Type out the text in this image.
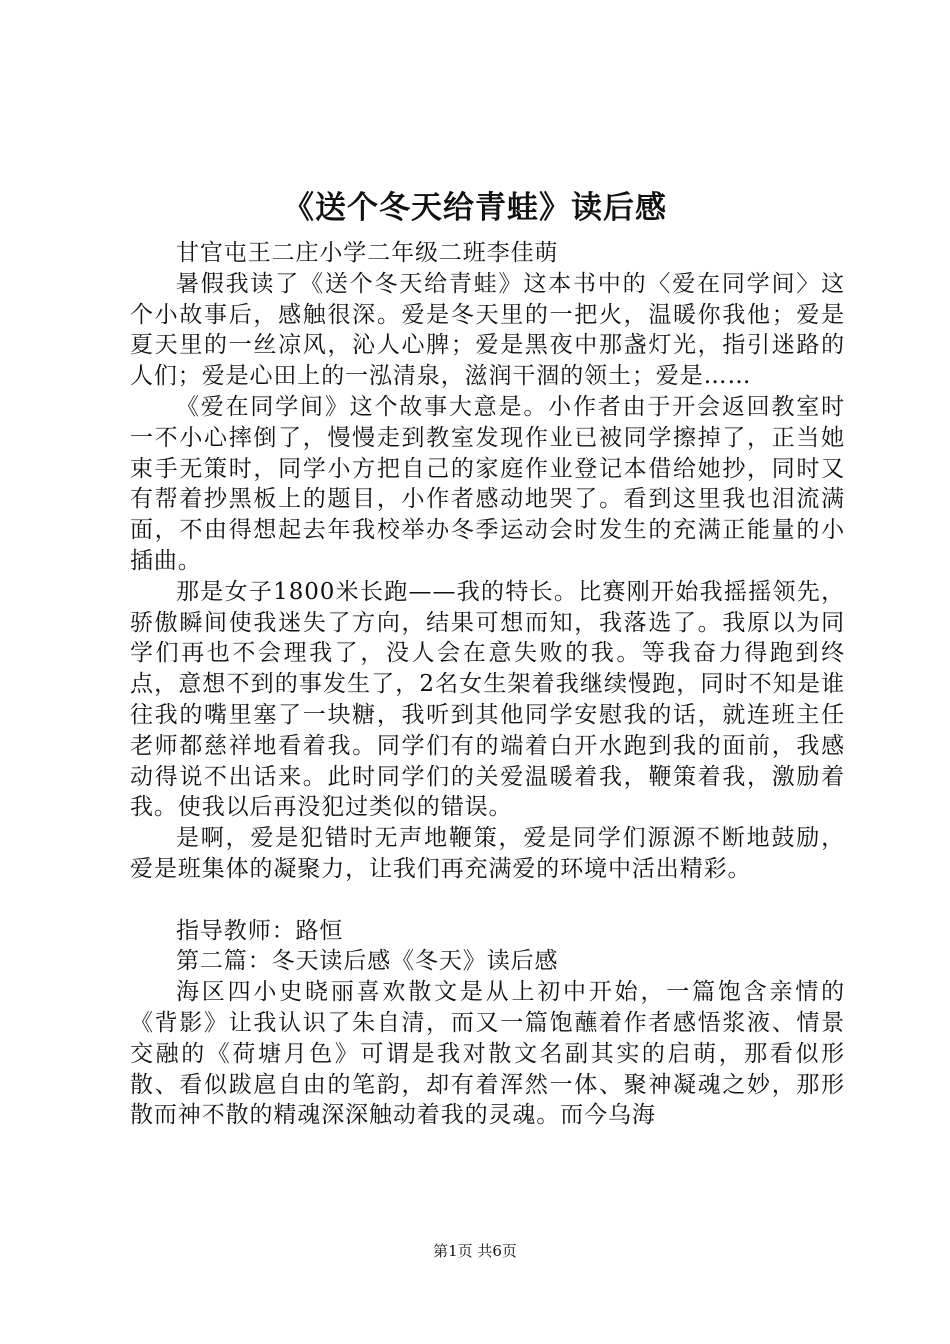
《送个冬天给青蛙》读后感

甘官屯王二庄小学二年级二班李佳萌

暑假我读了《送个冬天给青蛙》这本书中的〈爱在同学间〉这个小故事后，感触很深。爱是冬天里的一把火，温暖你我他；爱是夏天里的一丝凉风，沁人心脾；爱是黑夜中那盏灯光，指引迷路的人们；爱是心田上的一泓清泉，滋润干涸的领土；爱是……

《爱在同学间》这个故事大意是。小作者由于开会返回教室时一不小心摔倒了，慢慢走到教室发现作业已被同学擦掉了，正当她束手无策时，同学小方把自己的家庭作业登记本借给她抄，同时又有帮着抄黑板上的题目，小作者感动地哭了。看到这里我也泪流满面，不由得想起去年我校举办冬季运动会时发生的充满正能量的小插曲。

那是女子1800米长跑——我的特长。比赛刚开始我摇摇领先，骄傲瞬间使我迷失了方向，结果可想而知，我落选了。我原以为同学们再也不会理我了，没人会在意失败的我。等我奋力得跑到终点，意想不到的事发生了，2名女生架着我继续慢跑，同时不知是谁往我的嘴里塞了一块糖，我听到其他同学安慰我的话，就连班主任老师都慈祥地看着我。同学们有的端着白开水跑到我的面前，我感动得说不出话来。此时同学们的关爱温暖着我，鞭策着我，激励着我。使我以后再没犯过类似的错误。

是啊，爱是犯错时无声地鞭策，爱是同学们源源不断地鼓励，爱是班集体的凝聚力，让我们再充满爱的环境中活出精彩。

指导教师：路恒

第二篇：冬天读后感《冬天》读后感

海区四小史晓丽喜欢散文是从上初中开始，一篇饱含亲情的《背影》让我认识了朱自清，而又一篇饱蘸着作者感悟浆液、情景交融的《荷塘月色》可谓是我对散文名副其实的启萌，那看似形散、看似跋扈自由的笔韵，却有着浑然一体、聚神凝魂之妙，那形散而神不散的精魂深深触动着我的灵魂。而今乌海

第1页 共6页
